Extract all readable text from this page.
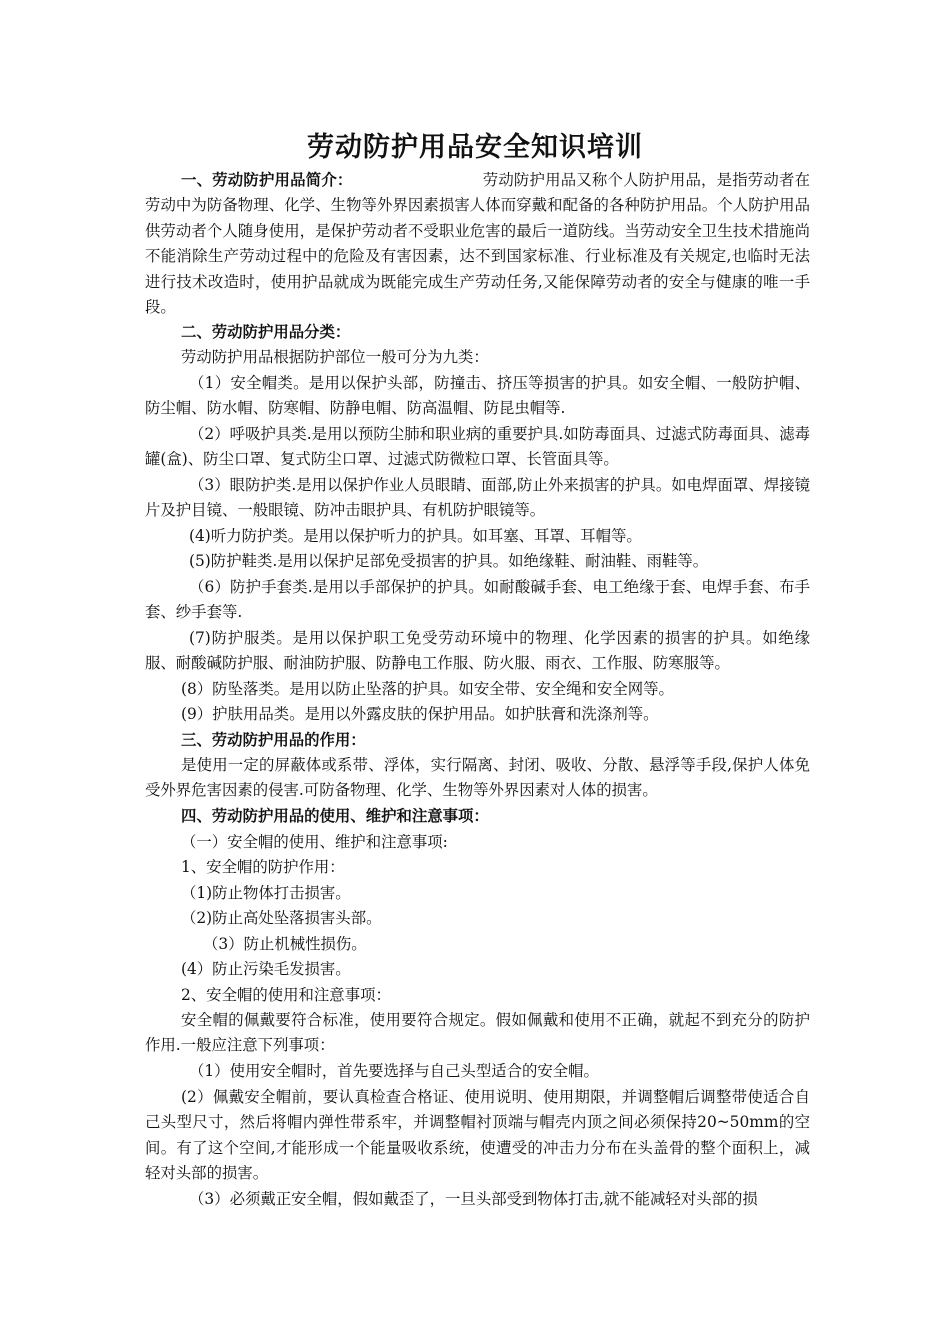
劳动防护用品安全知识培训
一、劳动防护用品简介：	劳动防护用品又称个人防护用品，是指劳动者在劳动中为防备物理、化学、生物等外界因素损害人体而穿戴和配备的各种防护用品。个人防护用品供劳动者个人随身使用，是保护劳动者不受职业危害的最后一道防线。当劳动安全卫生技术措施尚不能消除生产劳动过程中的危险及有害因素，达不到国家标准、行业标准及有关规定,也临时无法进行技术改造时，使用护品就成为既能完成生产劳动任务,又能保障劳动者的安全与健康的唯一手段。
二、劳动防护用品分类：
劳动防护用品根据防护部位一般可分为九类：
（1）安全帽类。是用以保护头部，防撞击、挤压等损害的护具。如安全帽、一般防护帽、防尘帽、防水帽、防寒帽、防静电帽、防高温帽、防昆虫帽等.
（2）呼吸护具类.是用以预防尘肺和职业病的重要护具.如防毒面具、过滤式防毒面具、滤毒罐(盒)、防尘口罩、复式防尘口罩、过滤式防微粒口罩、长管面具等。
（3）眼防护类.是用以保护作业人员眼睛、面部,防止外来损害的护具。如电焊面罩、焊接镜片及护目镜、一般眼镜、防冲击眼护具、有机防护眼镜等。
(4)听力防护类。是用以保护听力的护具。如耳塞、耳罩、耳帽等。
(5)防护鞋类.是用以保护足部免受损害的护具。如绝缘鞋、耐油鞋、雨鞋等。
（6）防护手套类.是用以手部保护的护具。如耐酸碱手套、电工绝缘于套、电焊手套、布手套、纱手套等.
(7)防护服类。是用以保护职工免受劳动环境中的物理、化学因素的损害的护具。如绝缘服、耐酸碱防护服、耐油防护服、防静电工作服、防火服、雨衣、工作服、防寒服等。
(8）防坠落类。是用以防止坠落的护具。如安全带、安全绳和安全网等。
(9）护肤用品类。是用以外露皮肤的保护用品。如护肤膏和洗涤剂等。
三、劳动防护用品的作用：
是使用一定的屏蔽体或系带、浮体，实行隔离、封闭、吸收、分散、悬浮等手段,保护人体免受外界危害因素的侵害.可防备物理、化学、生物等外界因素对人体的损害。
四、劳动防护用品的使用、维护和注意事项：
（一）安全帽的使用、维护和注意事项:
1、安全帽的防护作用：
（1)防止物体打击损害。
（2)防止高处坠落损害头部。
（3）防止机械性损伤。
(4）防止污染毛发损害。
2、安全帽的使用和注意事项：
安全帽的佩戴要符合标准，使用要符合规定。假如佩戴和使用不正确，就起不到充分的防护作用.一般应注意下列事项：
（1）使用安全帽时，首先要选择与自己头型适合的安全帽。
(2）佩戴安全帽前，要认真检查合格证、使用说明、使用期限，并调整帽后调整带使适合自己头型尺寸，然后将帽内弹性带系牢，并调整帽衬顶端与帽壳内顶之间必须保持20~50mm的空间。有了这个空间,才能形成一个能量吸收系统，使遭受的冲击力分布在头盖骨的整个面积上，减轻对头部的损害。
（3）必须戴正安全帽，假如戴歪了，一旦头部受到物体打击,就不能减轻对头部的损
